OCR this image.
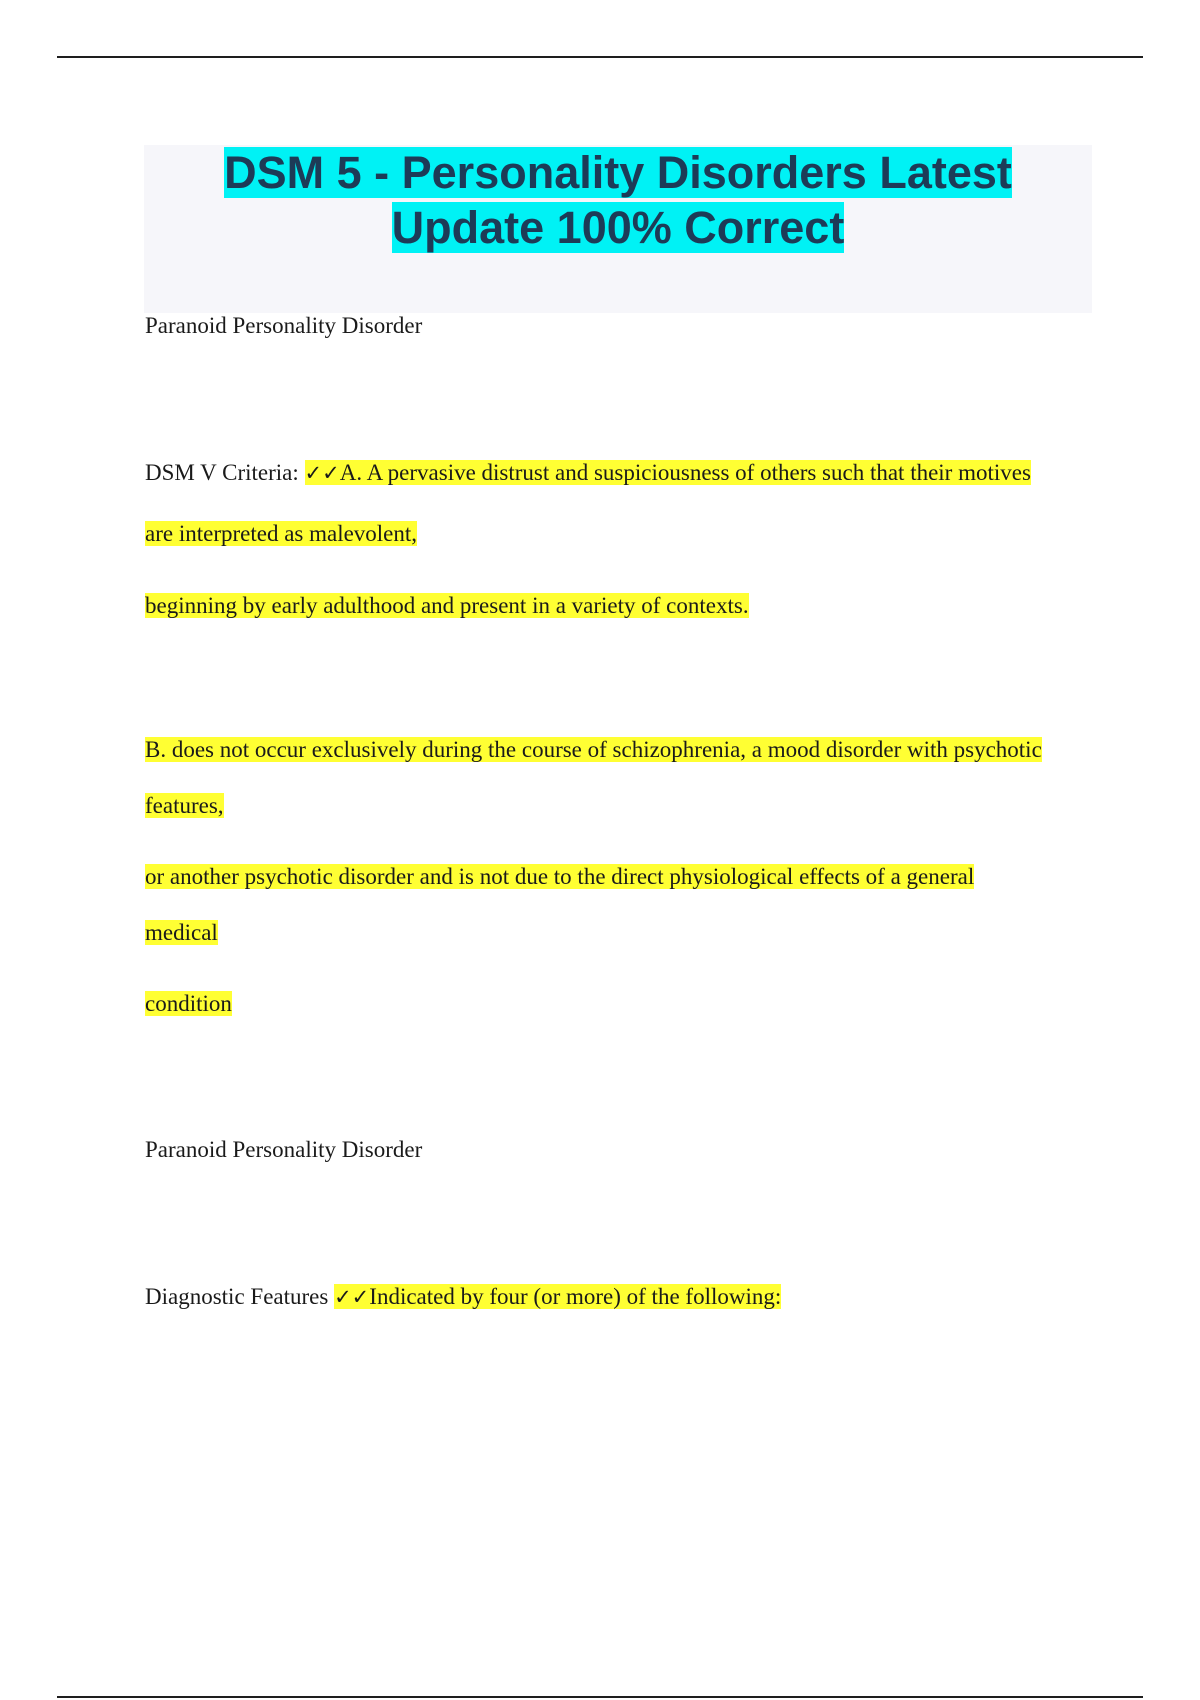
DSM 5 - Personality Disorders Latest
Update 100% Correct

Paranoid Personality Disorder

DSM V Criteria: ✓✓A. A pervasive distrust and suspiciousness of others such that their motives

are interpreted as malevolent,

beginning by early adulthood and present in a variety of contexts.

B. does not occur exclusively during the course of schizophrenia, a mood disorder with psychotic

features,

or another psychotic disorder and is not due to the direct physiological effects of a general

medical

condition

Paranoid Personality Disorder

Diagnostic Features ✓✓Indicated by four (or more) of the following:
